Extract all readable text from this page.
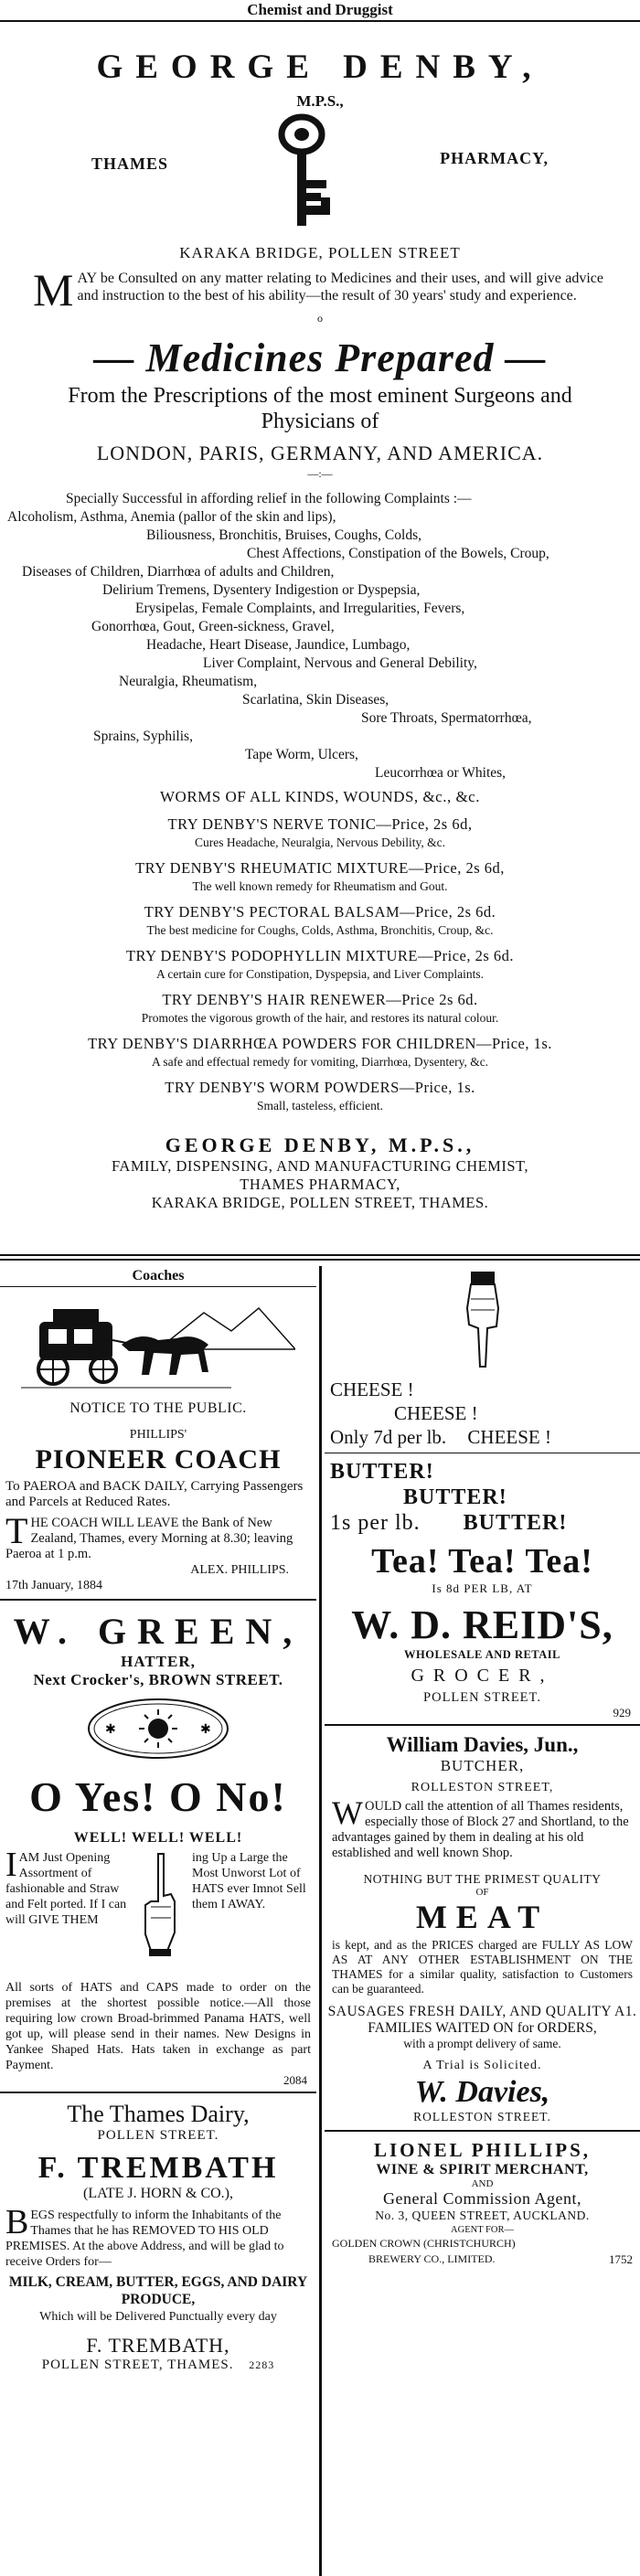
Chemist and Druggist
GEORGE DENBY,
M.P.S.,
THAMES	PHARMACY,
KARAKA BRIDGE, POLLEN STREET
M AY be Consulted on any matter relating to Medicines and their uses, and will give advice and instruction to the best of his ability—the result of 30 years' study and experience.
o
— Medicines Prepared —
From the Prescriptions of the most eminent Surgeons and Physicians of
LONDON, PARIS, GERMANY, AND AMERICA.
—:—
Specially Successful in affording relief in the following Complaints :—
Alcoholism, Asthma, Anemia (pallor of the skin and lips),
Biliousness, Bronchitis, Bruises, Coughs, Colds,
Chest Affections, Constipation of the Bowels, Croup,
Diseases of Children, Diarrhœa of adults and Children,
Delirium Tremens, Dysentery Indigestion or Dyspepsia,
Erysipelas, Female Complaints, and Irregularities, Fevers,
Gonorrhœa, Gout, Green-sickness, Gravel,
Headache, Heart Disease, Jaundice, Lumbago,
Liver Complaint, Nervous and General Debility,
Neuralgia, Rheumatism,
Scarlatina, Skin Diseases,
Sore Throats, Spermatorrhœa,
Sprains, Syphilis,
Tape Worm, Ulcers,
Leucorrhœa or Whites,
WORMS OF ALL KINDS, WOUNDS, &c., &c.
TRY DENBY'S NERVE TONIC—Price, 2s 6d,
Cures Headache, Neuralgia, Nervous Debility, &c.
TRY DENBY'S RHEUMATIC MIXTURE—Price, 2s 6d,
The well known remedy for Rheumatism and Gout.
TRY DENBY'S PECTORAL BALSAM—Price, 2s 6d.
The best medicine for Coughs, Colds, Asthma, Bronchitis, Croup, &c.
TRY DENBY'S PODOPHYLLIN MIXTURE—Price, 2s 6d.
A certain cure for Constipation, Dyspepsia, and Liver Complaints.
TRY DENBY'S HAIR RENEWER—Price 2s 6d.
Promotes the vigorous growth of the hair, and restores its natural colour.
TRY DENBY'S DIARRHŒA POWDERS FOR CHILDREN—Price, 1s.
A safe and effectual remedy for vomiting, Diarrhœa, Dysentery, &c.
TRY DENBY'S WORM POWDERS—Price, 1s.
Small, tasteless, efficient.
GEORGE DENBY, M.P.S.,
FAMILY, DISPENSING, AND MANUFACTURING CHEMIST,
THAMES PHARMACY,
KARAKA BRIDGE, POLLEN STREET, THAMES.
Coaches
NOTICE TO THE PUBLIC.
PHILLIPS'
PIONEER COACH
To PAEROA and BACK DAILY, Carrying Passengers and Parcels at Reduced Rates.
T HE COACH WILL LEAVE the Bank of New Zealand, Thames, every Morning at 8.30; leaving Paeroa at 1 p.m.
ALEX. PHILLIPS.
17th January, 1884
W. GREEN,
HATTER,
Next Crocker's, BROWN STREET.
✱	✱
O Yes! O No!
WELL! WELL! WELL!
I AM Just Opening Assortment of fashionable and Straw and Felt ported. If I can will GIVE THEM
ing Up a Large the Most Unworst Lot of HATS ever Imnot Sell them I AWAY.
All sorts of HATS and CAPS made to order on the premises at the shortest possible notice.—All those requiring low crown Broad-brimmed Panama HATS, well got up, will please send in their names. New Designs in Yankee Shaped Hats. Hats taken in exchange as part Payment.
2084
The Thames Dairy,
POLLEN STREET.
F. TREMBATH
(LATE J. HORN & CO.),
B EGS respectfully to inform the Inhabitants of the Thames that he has REMOVED TO HIS OLD PREMISES. At the above Address, and will be glad to receive Orders for—
MILK, CREAM, BUTTER, EGGS, AND DAIRY PRODUCE,
Which will be Delivered Punctually every day
F. TREMBATH,
POLLEN STREET, THAMES. 2283
CHEESE !
CHEESE !
Only 7d per lb. CHEESE !
BUTTER!
BUTTER!
1s per lb. BUTTER!
Tea! Tea! Tea!
Is 8d PER LB, AT
W. D. REID'S,
WHOLESALE AND RETAIL
GROCER,
POLLEN STREET.
929
William Davies, Jun.,
BUTCHER,
ROLLESTON STREET,
W OULD call the attention of all Thames residents, especially those of Block 27 and Shortland, to the advantages gained by them in dealing at his old established and well known Shop.
NOTHING BUT THE PRIMEST QUALITY
OF
MEAT
is kept, and as the PRICES charged are FULLY AS LOW AS AT ANY OTHER ESTABLISHMENT ON THE THAMES for a similar quality, satisfaction to Customers can be guaranteed.
SAUSAGES FRESH DAILY, AND QUALITY A1.
FAMILIES WAITED ON for ORDERS,
with a prompt delivery of same.
A Trial is Solicited.
W. Davies,
ROLLESTON STREET.
LIONEL PHILLIPS,
WINE & SPIRIT MERCHANT,
AND
General Commission Agent,
No. 3, QUEEN STREET, AUCKLAND.
AGENT FOR—
GOLDEN CROWN (CHRISTCHURCH)
BREWERY CO., LIMITED.	1752
